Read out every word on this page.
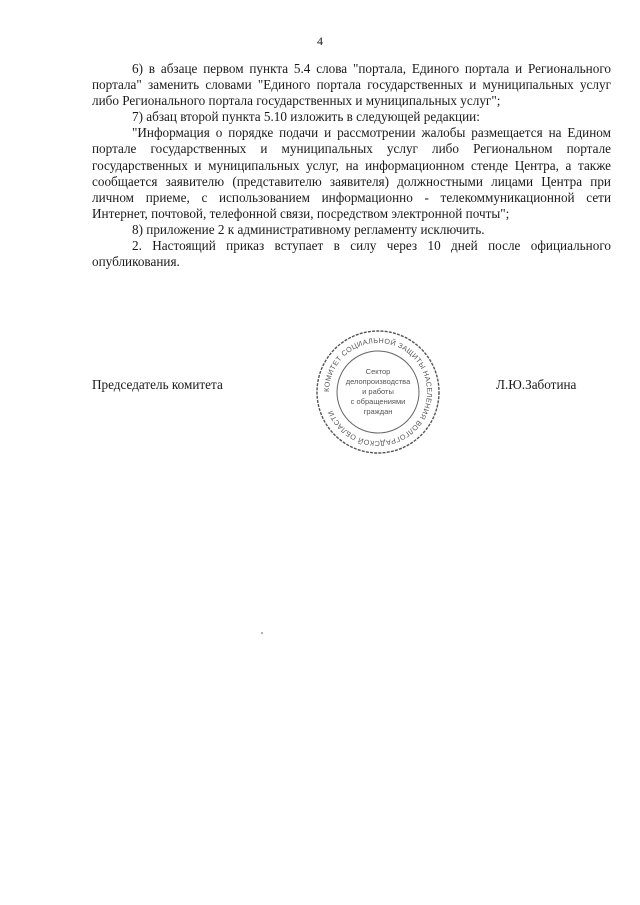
4

6) в абзаце первом пункта 5.4 слова "портала, Единого портала и Регионального портала" заменить словами "Единого портала государственных и муниципальных услуг либо Регионального портала государственных и муниципальных услуг";

7) абзац второй пункта 5.10 изложить в следующей редакции:

"Информация о порядке подачи и рассмотрении жалобы размещается на Едином портале государственных и муниципальных услуг либо Региональном портале государственных и муниципальных услуг, на информационном стенде Центра, а также сообщается заявителю (представителю заявителя) должностными лицами Центра при личном приеме, с использованием информационно - телекоммуникационной сети Интернет, почтовой, телефонной связи, посредством электронной почты";

8) приложение 2 к административному регламенту исключить.

2. Настоящий приказ вступает в силу через 10 дней после официального опубликования.

Председатель комитета	КОМИТЕТ СОЦИАЛЬНОЙ ЗАЩИТЫ НАСЕЛЕНИЯ ВОЛГОГРАДСКОЙ ОБЛАСТИ
Сектор
делопроизводства
и работы
с обращениями
граждан
Л.Ю.Заботина
